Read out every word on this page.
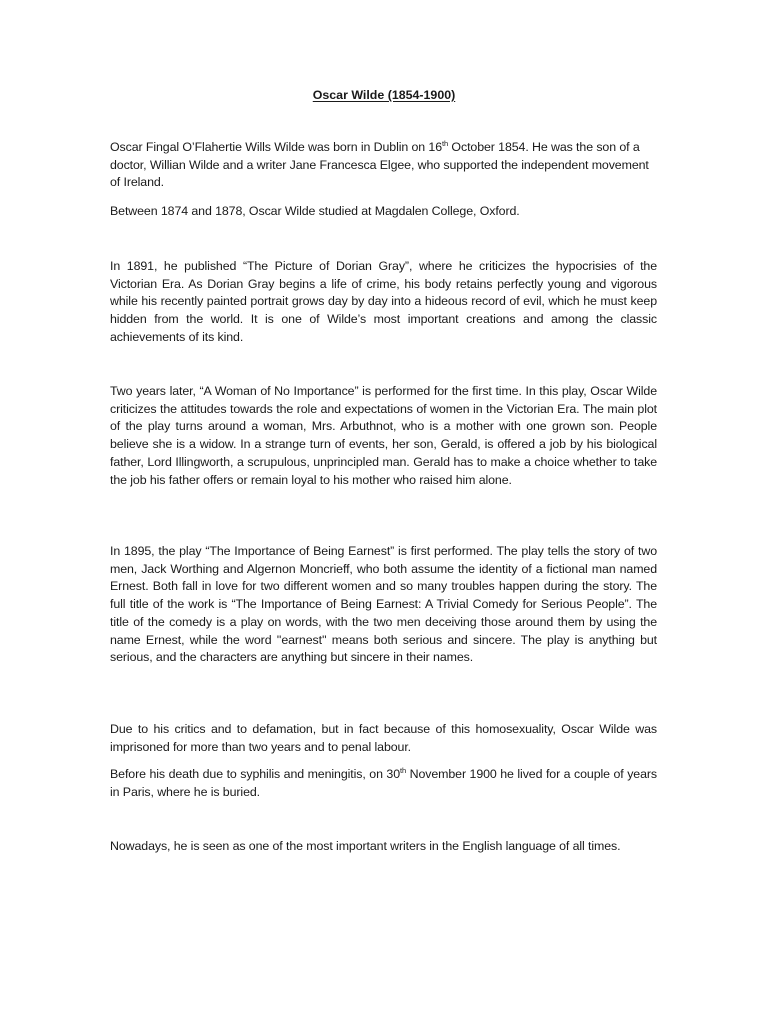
Oscar Wilde (1854-1900)

Oscar Fingal O’Flahertie Wills Wilde was born in Dublin on 16th October 1854. He was the son of a doctor, Willian Wilde and a writer Jane Francesca Elgee, who supported the independent movement of Ireland.

Between 1874 and 1878, Oscar Wilde studied at Magdalen College, Oxford.

In 1891, he published “The Picture of Dorian Gray”, where he criticizes the hypocrisies of the Victorian Era. As Dorian Gray begins a life of crime, his body retains perfectly young and vigorous while his recently painted portrait grows day by day into a hideous record of evil, which he must keep hidden from the world. It is one of Wilde’s most important creations and among the classic achievements of its kind.

Two years later, “A Woman of No Importance” is performed for the first time. In this play, Oscar Wilde criticizes the attitudes towards the role and expectations of women in the Victorian Era. The main plot of the play turns around a woman, Mrs. Arbuthnot, who is a mother with one grown son. People believe she is a widow. In a strange turn of events, her son, Gerald, is offered a job by his biological father, Lord Illingworth, a scrupulous, unprincipled man. Gerald has to make a choice whether to take the job his father offers or remain loyal to his mother who raised him alone.

In 1895, the play “The Importance of Being Earnest” is first performed. The play tells the story of two men, Jack Worthing and Algernon Moncrieff, who both assume the identity of a fictional man named Ernest. Both fall in love for two different women and so many troubles happen during the story. The full title of the work is “The Importance of Being Earnest: A Trivial Comedy for Serious People”. The title of the comedy is a play on words, with the two men deceiving those around them by using the name Ernest, while the word ''earnest'' means both serious and sincere. The play is anything but serious, and the characters are anything but sincere in their names.

Due to his critics and to defamation, but in fact because of this homosexuality, Oscar Wilde was imprisoned for more than two years and to penal labour.

Before his death due to syphilis and meningitis, on 30th November 1900 he lived for a couple of years in Paris, where he is buried.

Nowadays, he is seen as one of the most important writers in the English language of all times.
